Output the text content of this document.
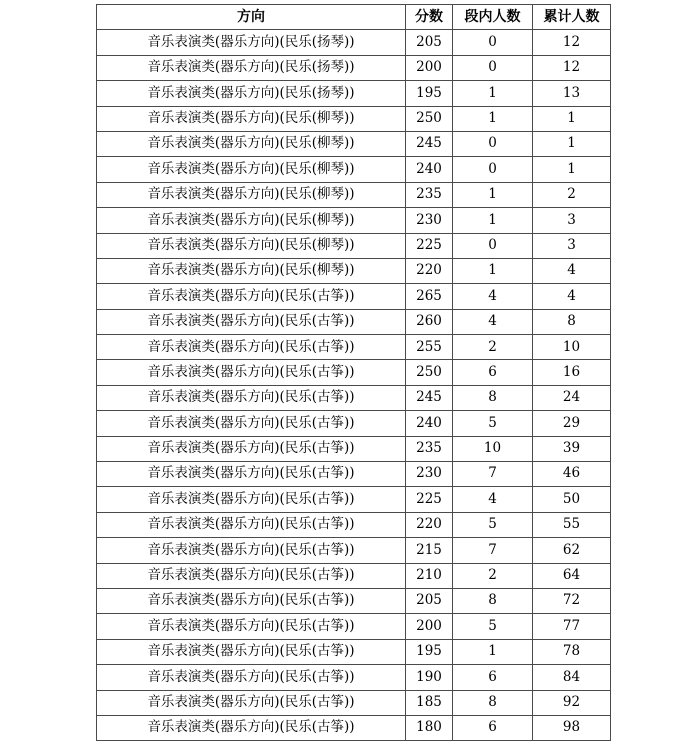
方向	分数	段内人数	累计人数
音乐表演类(器乐方向)(民乐(扬琴))	205	0	12
音乐表演类(器乐方向)(民乐(扬琴))	200	0	12
音乐表演类(器乐方向)(民乐(扬琴))	195	1	13
音乐表演类(器乐方向)(民乐(柳琴))	250	1	1
音乐表演类(器乐方向)(民乐(柳琴))	245	0	1
音乐表演类(器乐方向)(民乐(柳琴))	240	0	1
音乐表演类(器乐方向)(民乐(柳琴))	235	1	2
音乐表演类(器乐方向)(民乐(柳琴))	230	1	3
音乐表演类(器乐方向)(民乐(柳琴))	225	0	3
音乐表演类(器乐方向)(民乐(柳琴))	220	1	4
音乐表演类(器乐方向)(民乐(古筝))	265	4	4
音乐表演类(器乐方向)(民乐(古筝))	260	4	8
音乐表演类(器乐方向)(民乐(古筝))	255	2	10
音乐表演类(器乐方向)(民乐(古筝))	250	6	16
音乐表演类(器乐方向)(民乐(古筝))	245	8	24
音乐表演类(器乐方向)(民乐(古筝))	240	5	29
音乐表演类(器乐方向)(民乐(古筝))	235	10	39
音乐表演类(器乐方向)(民乐(古筝))	230	7	46
音乐表演类(器乐方向)(民乐(古筝))	225	4	50
音乐表演类(器乐方向)(民乐(古筝))	220	5	55
音乐表演类(器乐方向)(民乐(古筝))	215	7	62
音乐表演类(器乐方向)(民乐(古筝))	210	2	64
音乐表演类(器乐方向)(民乐(古筝))	205	8	72
音乐表演类(器乐方向)(民乐(古筝))	200	5	77
音乐表演类(器乐方向)(民乐(古筝))	195	1	78
音乐表演类(器乐方向)(民乐(古筝))	190	6	84
音乐表演类(器乐方向)(民乐(古筝))	185	8	92
音乐表演类(器乐方向)(民乐(古筝))	180	6	98
